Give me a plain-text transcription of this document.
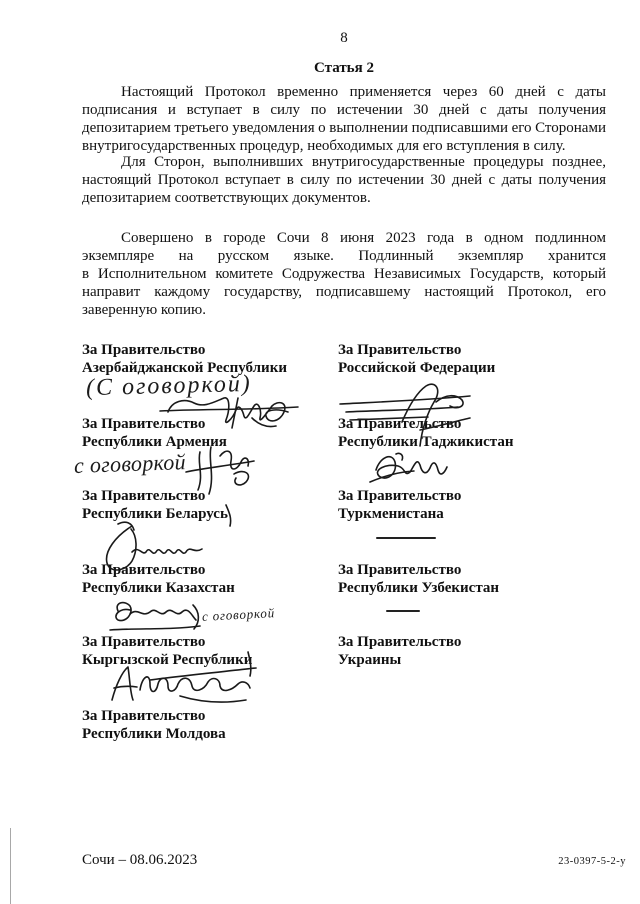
8
Статья 2
Настоящий Протокол временно применяется через 60 дней с даты
подписания и вступает в силу по истечении 30 дней с даты получения
депозитарием третьего уведомления о выполнении подписавшими его Сторонами
внутригосударственных процедур, необходимых для его вступления в силу.
Для Сторон, выполнивших внутригосударственные процедуры позднее,
настоящий Протокол вступает в силу по истечении 30 дней с даты получения
депозитарием соответствующих документов.
Совершено в городе Сочи 8 июня 2023 года в одном подлинном
экземпляре на русском языке. Подлинный экземпляр хранится
в Исполнительном комитете Содружества Независимых Государств, который
направит каждому государству, подписавшему настоящий Протокол, его
заверенную копию.
За Правительство
Азербайджанской Республики
За Правительство
Республики Армения
За Правительство
Республики Беларусь
За Правительство
Республики Казахстан
За Правительство
Кыргызской Республики
За Правительство
Республики Молдова
За Правительство
Российской Федерации
За Правительство
Республики Таджикистан
За Правительство
Туркменистана
За Правительство
Республики Узбекистан
За Правительство
Украины
(С оговоркой)
с оговоркой
с оговоркой
Сочи – 08.06.2023	23-0397-5-2-у
